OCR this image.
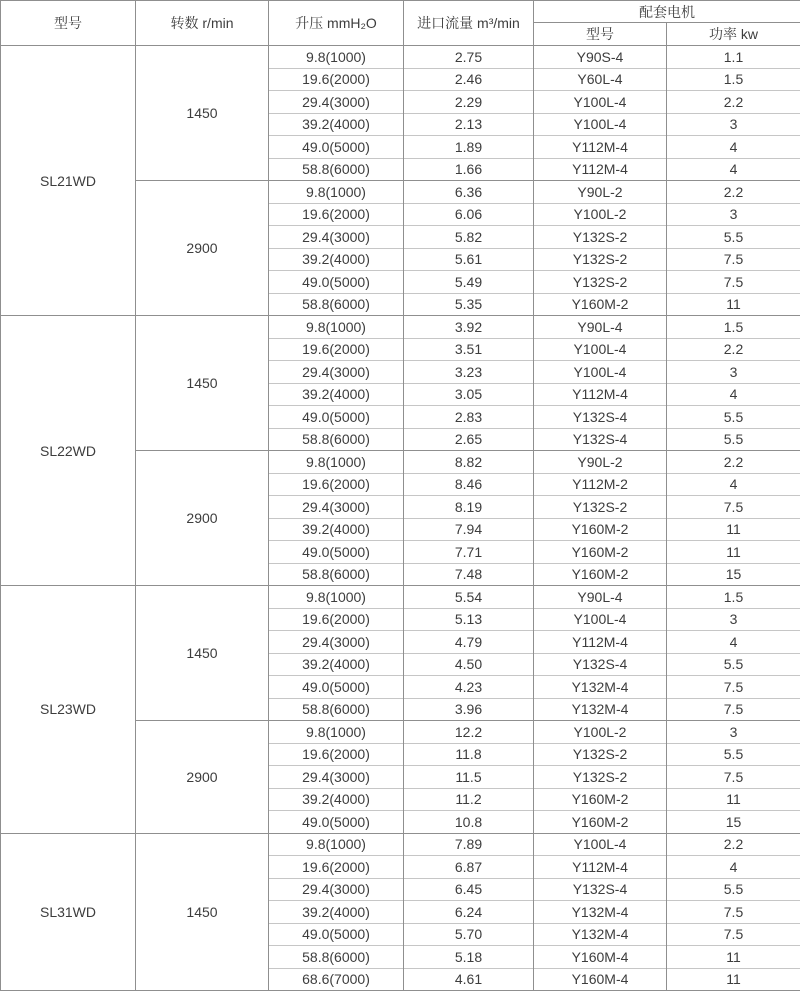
型号	转数 r/min	升压 mmH₂O	进口流量 m³/min	配套电机	
				型号	功率 kw
SL21WD	1450	9.8(1000)	2.75	Y90S-4	1.1
		19.6(2000)	2.46	Y60L-4	1.5
		29.4(3000)	2.29	Y100L-4	2.2
		39.2(4000)	2.13	Y100L-4	3
		49.0(5000)	1.89	Y112M-4	4
		58.8(6000)	1.66	Y112M-4	4
	2900	9.8(1000)	6.36	Y90L-2	2.2
		19.6(2000)	6.06	Y100L-2	3
		29.4(3000)	5.82	Y132S-2	5.5
		39.2(4000)	5.61	Y132S-2	7.5
		49.0(5000)	5.49	Y132S-2	7.5
		58.8(6000)	5.35	Y160M-2	11
SL22WD	1450	9.8(1000)	3.92	Y90L-4	1.5
		19.6(2000)	3.51	Y100L-4	2.2
		29.4(3000)	3.23	Y100L-4	3
		39.2(4000)	3.05	Y112M-4	4
		49.0(5000)	2.83	Y132S-4	5.5
		58.8(6000)	2.65	Y132S-4	5.5
	2900	9.8(1000)	8.82	Y90L-2	2.2
		19.6(2000)	8.46	Y112M-2	4
		29.4(3000)	8.19	Y132S-2	7.5
		39.2(4000)	7.94	Y160M-2	11
		49.0(5000)	7.71	Y160M-2	11
		58.8(6000)	7.48	Y160M-2	15
SL23WD	1450	9.8(1000)	5.54	Y90L-4	1.5
		19.6(2000)	5.13	Y100L-4	3
		29.4(3000)	4.79	Y112M-4	4
		39.2(4000)	4.50	Y132S-4	5.5
		49.0(5000)	4.23	Y132M-4	7.5
		58.8(6000)	3.96	Y132M-4	7.5
	2900	9.8(1000)	12.2	Y100L-2	3
		19.6(2000)	11.8	Y132S-2	5.5
		29.4(3000)	11.5	Y132S-2	7.5
		39.2(4000)	11.2	Y160M-2	11
		49.0(5000)	10.8	Y160M-2	15
SL31WD	1450	9.8(1000)	7.89	Y100L-4	2.2
		19.6(2000)	6.87	Y112M-4	4
		29.4(3000)	6.45	Y132S-4	5.5
		39.2(4000)	6.24	Y132M-4	7.5
		49.0(5000)	5.70	Y132M-4	7.5
		58.8(6000)	5.18	Y160M-4	11
		68.6(7000)	4.61	Y160M-4	11
